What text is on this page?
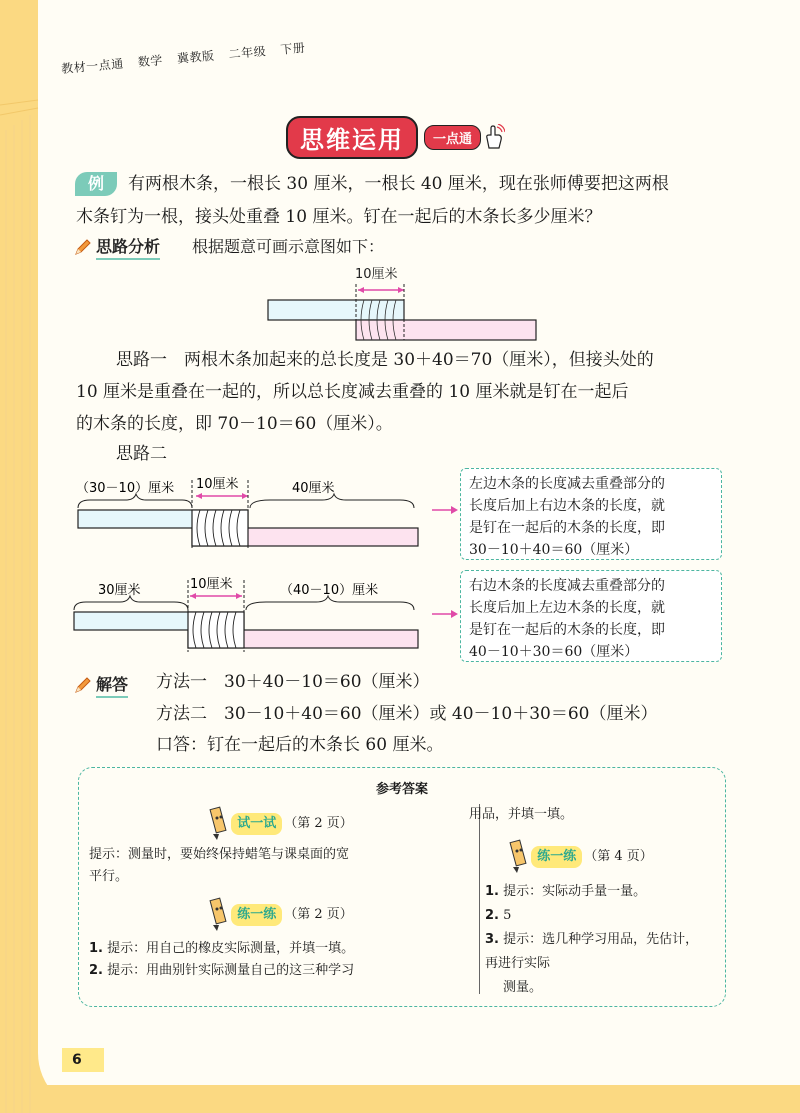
教材一点通 数学 冀教版 二年级 下册
思维运用	一点通
例	有两根木条，一根长 30 厘米，一根长 40 厘米，现在张师傅要把这两根
木条钉为一根，接头处重叠 10 厘米。钉在一起后的木条长多少厘米？
思路分析 根据题意可画示意图如下：
10厘米
思路一　两根木条加起来的总长度是 30＋40＝70（厘米），但接头处的
10 厘米是重叠在一起的，所以总长度减去重叠的 10 厘米就是钉在一起后
的木条的长度，即 70－10＝60（厘米）。
思路二
（30－10）厘米 10厘米	40厘米	左边木条的长度减去重叠部分的
长度后加上右边木条的长度，就
是钉在一起后的木条的长度，即
30－10＋40＝60（厘米）
30厘米	10厘米	（40－10）厘米	右边木条的长度减去重叠部分的
长度后加上左边木条的长度，就
是钉在一起后的木条的长度，即
40－10＋30＝60（厘米）
解答 方法一　30＋40－10＝60（厘米）
方法二　30－10＋40＝60（厘米）或 40－10＋30＝60（厘米）
口答：钉在一起后的木条长 60 厘米。
参考答案
试一试 （第 2 页）
提示：测量时，要始终保持蜡笔与课桌面的宽
平行。
练一练 （第 2 页）
1. 提示：用自己的橡皮实际测量，并填一填。
2. 提示：用曲别针实际测量自己的这三种学习
用品，并填一填。
练一练 （第 4 页）
1. 提示：实际动手量一量。
2. 5
3. 提示：选几种学习用品，先估计，再进行实际
测量。
6
